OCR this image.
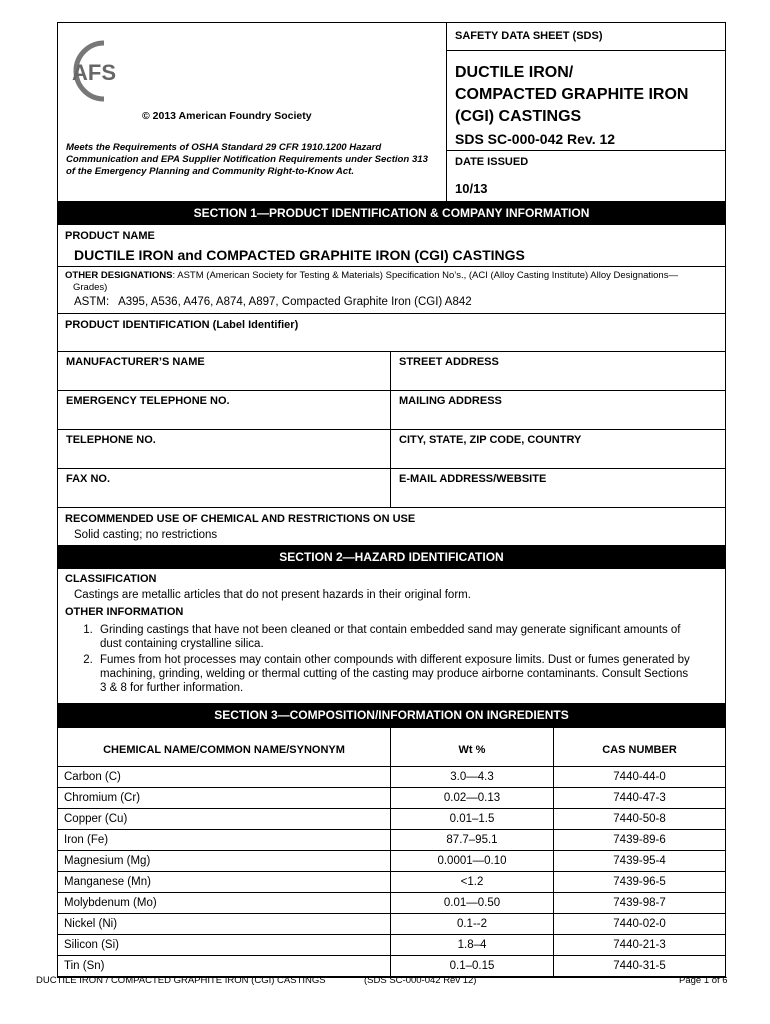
AFS
© 2013 American Foundry Society
Meets the Requirements of OSHA Standard 29 CFR 1910.1200 Hazard Communication and EPA Supplier Notification Requirements under Section 313 of the Emergency Planning and Community Right-to-Know Act.
SAFETY DATA SHEET (SDS)
DUCTILE IRON/
COMPACTED GRAPHITE IRON
(CGI) CASTINGS
SDS SC-000-042 Rev. 12
DATE ISSUED
10/13
SECTION 1—PRODUCT IDENTIFICATION & COMPANY INFORMATION
PRODUCT NAME
DUCTILE IRON and COMPACTED GRAPHITE IRON (CGI) CASTINGS
OTHER DESIGNATIONS: ASTM (American Society for Testing & Materials) Specification No’s., (ACI (Alloy Casting Institute) Alloy Designations—
Grades)
ASTM: A395, A536, A476, A874, A897, Compacted Graphite Iron (CGI) A842
PRODUCT IDENTIFICATION (Label Identifier)
MANUFACTURER’S NAME	STREET ADDRESS
EMERGENCY TELEPHONE NO.	MAILING ADDRESS
TELEPHONE NO.	CITY, STATE, ZIP CODE, COUNTRY
FAX NO.	E-MAIL ADDRESS/WEBSITE
RECOMMENDED USE OF CHEMICAL AND RESTRICTIONS ON USE
Solid casting; no restrictions
SECTION 2—HAZARD IDENTIFICATION
CLASSIFICATION
Castings are metallic articles that do not present hazards in their original form.
OTHER INFORMATION
1. Grinding castings that have not been cleaned or that contain embedded sand may generate significant amounts of dust containing crystalline silica.
2. Fumes from hot processes may contain other compounds with different exposure limits. Dust or fumes generated by machining, grinding, welding or thermal cutting of the casting may produce airborne contaminants. Consult Sections 3 & 8 for further information.
SECTION 3—COMPOSITION/INFORMATION ON INGREDIENTS
CHEMICAL NAME/COMMON NAME/SYNONYM	Wt %	CAS NUMBER
Carbon (C)	3.0—4.3	7440-44-0
Chromium (Cr)	0.02—0.13	7440-47-3
Copper (Cu)	0.01–1.5	7440-50-8
Iron (Fe)	87.7–95.1	7439-89-6
Magnesium (Mg)	0.0001—0.10	7439-95-4
Manganese (Mn)	<1.2	7439-96-5
Molybdenum (Mo)	0.01—0.50	7439-98-7
Nickel (Ni)	0.1--2	7440-02-0
Silicon (Si)	1.8–4	7440-21-3
Tin (Sn)	0.1–0.15	7440-31-5
DUCTILE IRON / COMPACTED GRAPHITE IRON (CGI) CASTINGS	(SDS SC-000-042 Rev 12)	Page 1 of 6
